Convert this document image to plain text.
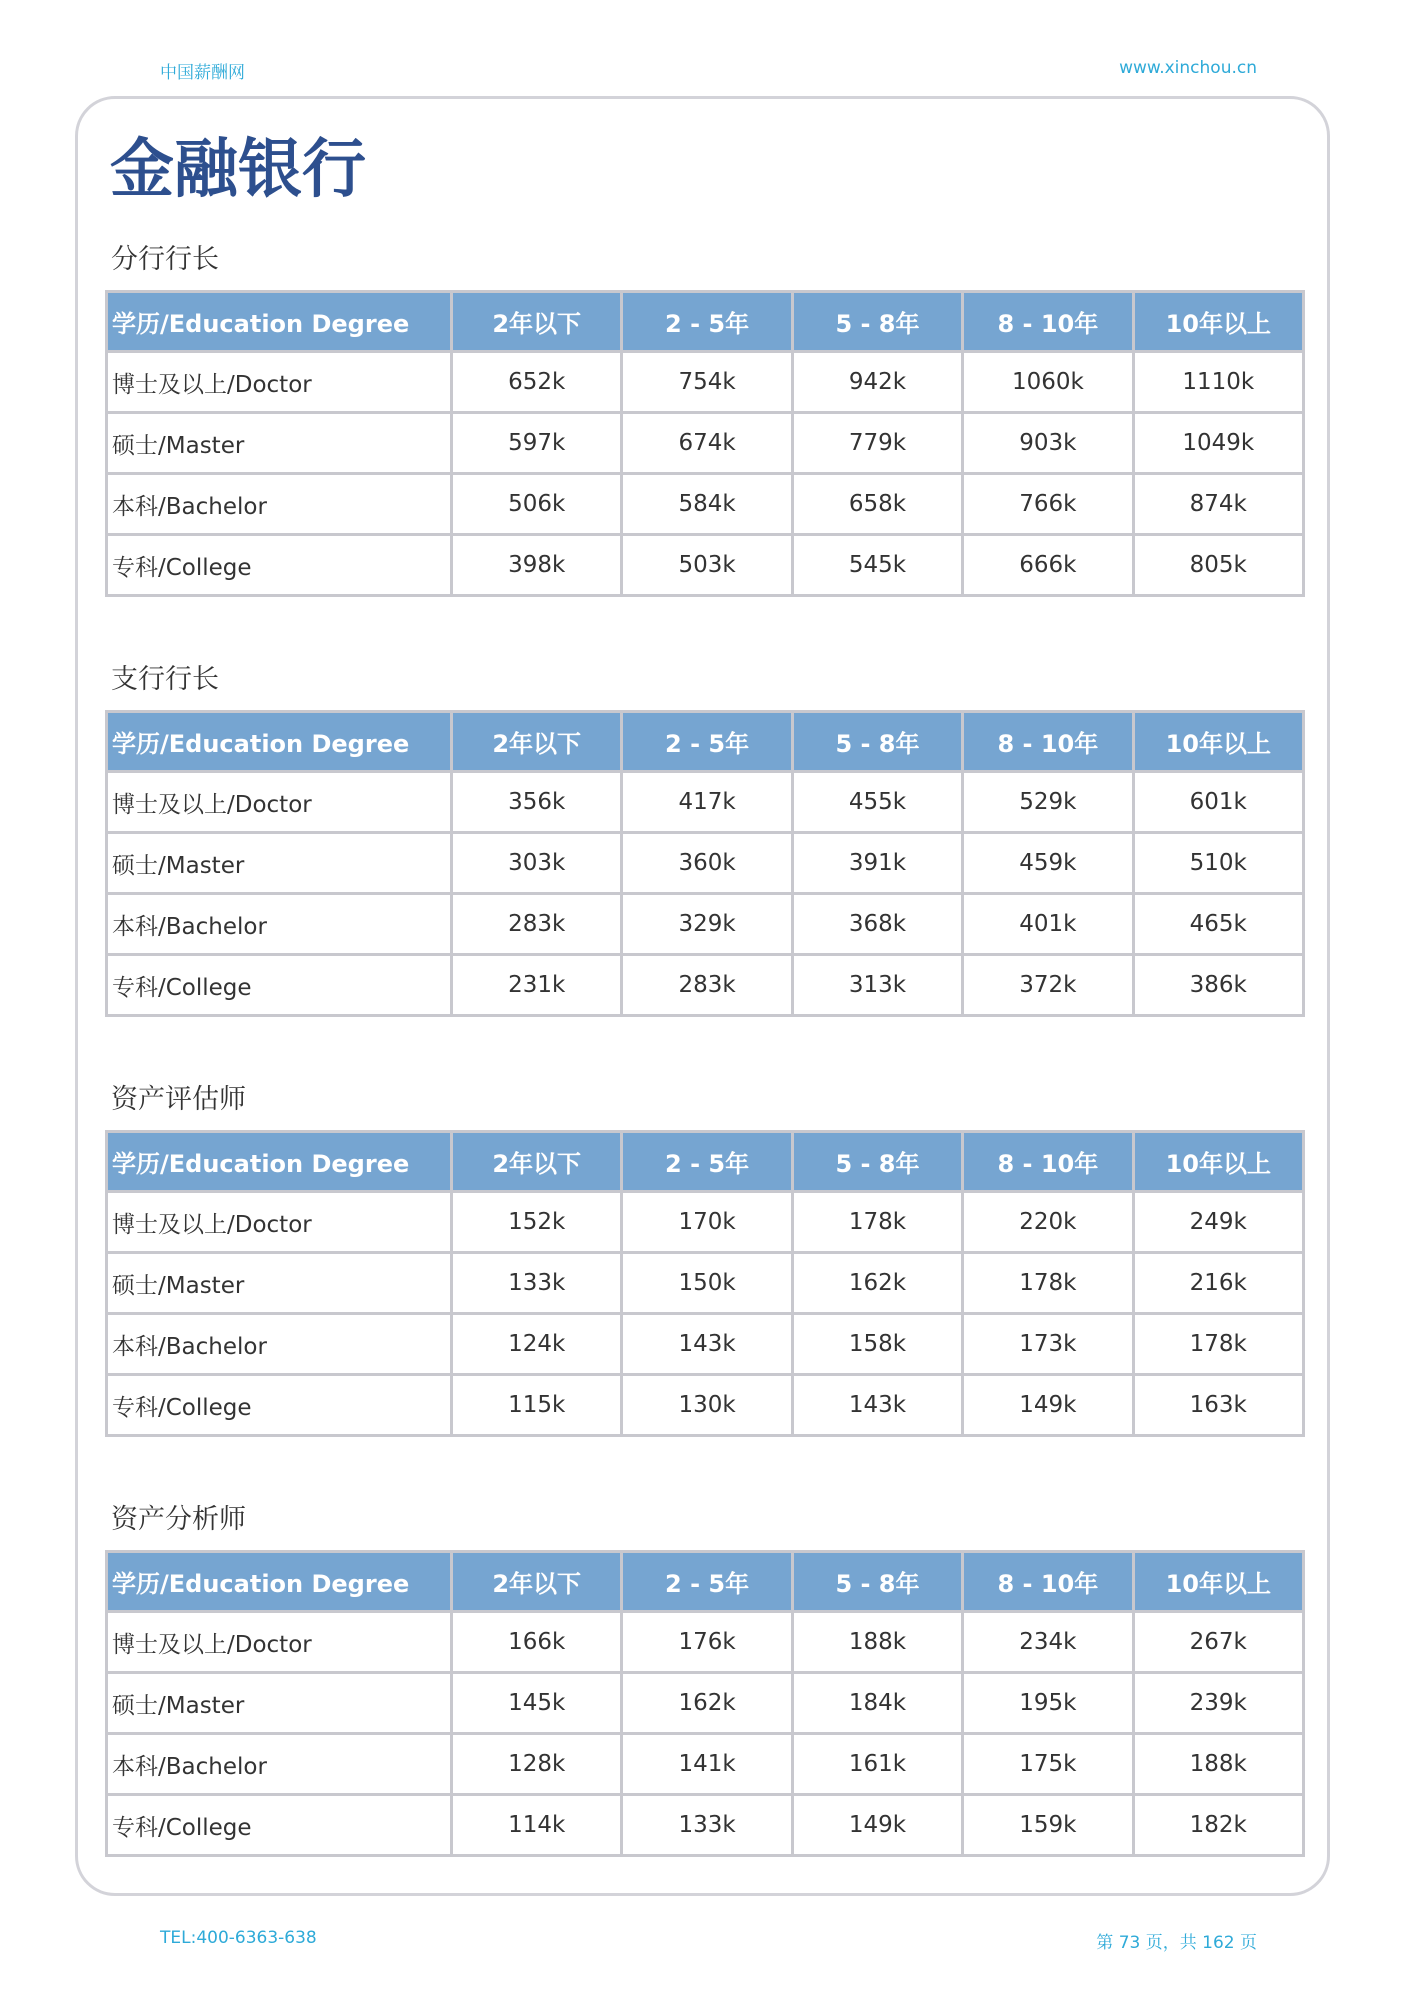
中国薪酬网	www.xinchou.cn
金融银行
分行行长
学历/Education Degree	2年以下	2 - 5年	5 - 8年	8 - 10年	10年以上
博士及以上/Doctor	652k	754k	942k	1060k	1110k
硕士/Master	597k	674k	779k	903k	1049k
本科/Bachelor	506k	584k	658k	766k	874k
专科/College	398k	503k	545k	666k	805k
支行行长
学历/Education Degree	2年以下	2 - 5年	5 - 8年	8 - 10年	10年以上
博士及以上/Doctor	356k	417k	455k	529k	601k
硕士/Master	303k	360k	391k	459k	510k
本科/Bachelor	283k	329k	368k	401k	465k
专科/College	231k	283k	313k	372k	386k
资产评估师
学历/Education Degree	2年以下	2 - 5年	5 - 8年	8 - 10年	10年以上
博士及以上/Doctor	152k	170k	178k	220k	249k
硕士/Master	133k	150k	162k	178k	216k
本科/Bachelor	124k	143k	158k	173k	178k
专科/College	115k	130k	143k	149k	163k
资产分析师
学历/Education Degree	2年以下	2 - 5年	5 - 8年	8 - 10年	10年以上
博士及以上/Doctor	166k	176k	188k	234k	267k
硕士/Master	145k	162k	184k	195k	239k
本科/Bachelor	128k	141k	161k	175k	188k
专科/College	114k	133k	149k	159k	182k
TEL:400-6363-638	第 73 页，共 162 页
